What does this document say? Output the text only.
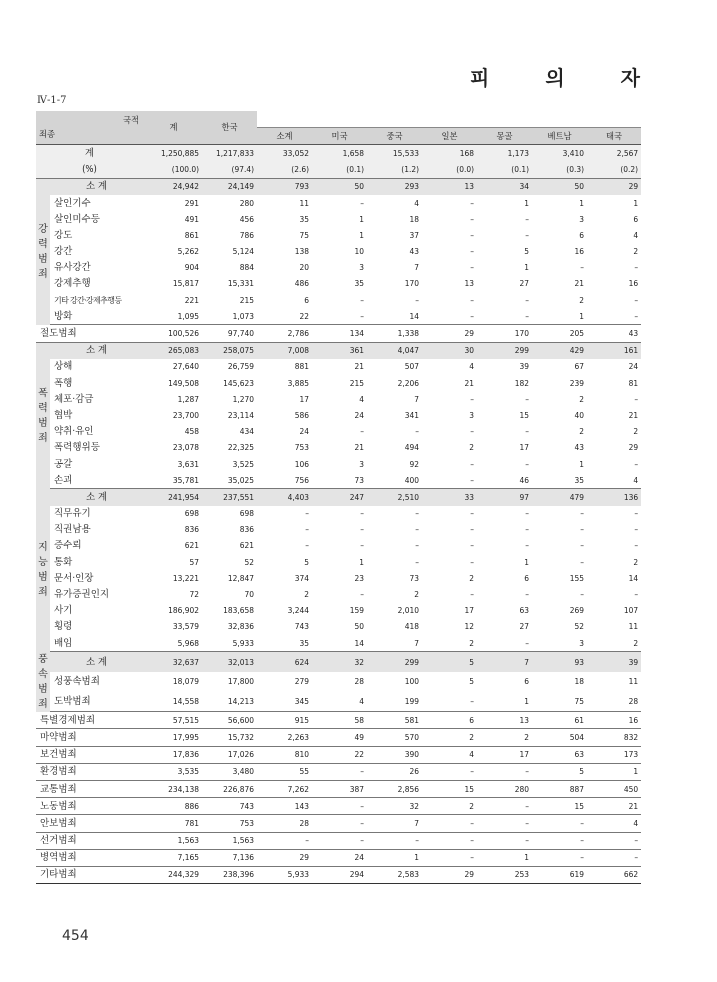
피	의	자
Ⅳ-1-7
국적
죄종		계	한국							
				소계	미국	중국	일본	몽골	베트남	태국
계		1,250,885	1,217,833	33,052	1,658	15,533	168	1,173	3,410	2,567
(%)		(100.0)	(97.4)	(2.6)	(0.1)	(1.2)	(0.0)	(0.1)	(0.3)	(0.2)

강력범죄	소 계	24,942	24,149	793	50	293	13	34	50	29
	살인기수	291	280	11	–	4	–	1	1	1
	살인미수등	491	456	35	1	18	–	–	3	6
	강도	861	786	75	1	37	–	–	6	4
	강간	5,262	5,124	138	10	43	–	5	16	2
	유사강간	904	884	20	3	7	–	1	–	–
	강제추행	15,817	15,331	486	35	170	13	27	21	16
	기타 강간·강제추행등	221	215	6	–	–	–	–	2	–
	방화	1,095	1,073	22	–	14	–	–	1	–
절도범죄		100,526	97,740	2,786	134	1,338	29	170	205	43

폭력범죄	소 계	265,083	258,075	7,008	361	4,047	30	299	429	161
	상해	27,640	26,759	881	21	507	4	39	67	24
	폭행	149,508	145,623	3,885	215	2,206	21	182	239	81
	체포·감금	1,287	1,270	17	4	7	–	–	2	–
	협박	23,700	23,114	586	24	341	3	15	40	21
	약취·유인	458	434	24	–	–	–	–	2	2
	폭력행위등	23,078	22,325	753	21	494	2	17	43	29
	공갈	3,631	3,525	106	3	92	–	–	1	–
	손괴	35,781	35,025	756	73	400	–	46	35	4

지능범죄	소 계	241,954	237,551	4,403	247	2,510	33	97	479	136
	직무유기	698	698	–	–	–	–	–	–	–
	직권남용	836	836	–	–	–	–	–	–	–
	증수뢰	621	621	–	–	–	–	–	–	–
	통화	57	52	5	1	–	–	1	–	2
	문서·인장	13,221	12,847	374	23	73	2	6	155	14
	유가증권인지	72	70	2	–	2	–	–	–	–
	사기	186,902	183,658	3,244	159	2,010	17	63	269	107
	횡령	33,579	32,836	743	50	418	12	27	52	11
	배임	5,968	5,933	35	14	7	2	–	3	2

풍속범죄	소 계	32,637	32,013	624	32	299	5	7	93	39
	성풍속범죄	18,079	17,800	279	28	100	5	6	18	11
	도박범죄	14,558	14,213	345	4	199	–	1	75	28
특별경제범죄		57,515	56,600	915	58	581	6	13	61	16
마약범죄		17,995	15,732	2,263	49	570	2	2	504	832
보건범죄		17,836	17,026	810	22	390	4	17	63	173
환경범죄		3,535	3,480	55	–	26	–	–	5	1
교통범죄		234,138	226,876	7,262	387	2,856	15	280	887	450
노동범죄		886	743	143	–	32	2	–	15	21
안보범죄		781	753	28	–	7	–	–	–	4
선거범죄		1,563	1,563	–	–	–	–	–	–	–
병역범죄		7,165	7,136	29	24	1	–	1	–	–
기타범죄		244,329	238,396	5,933	294	2,583	29	253	619	662
454
